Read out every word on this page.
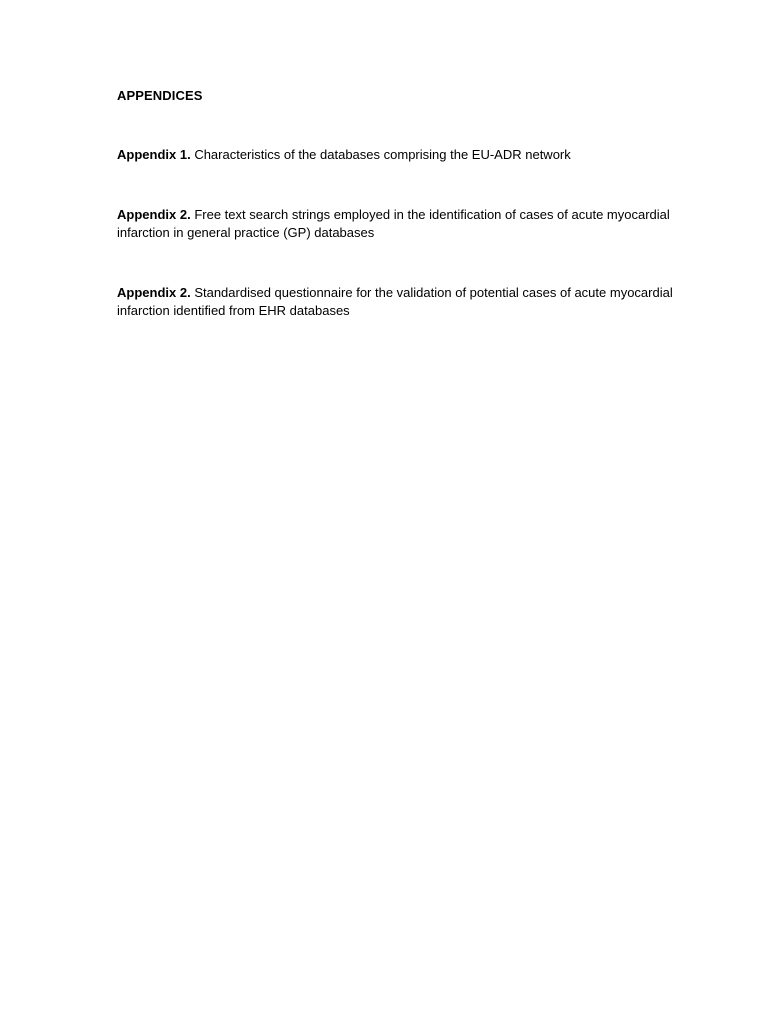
APPENDICES

Appendix 1. Characteristics of the databases comprising the EU-ADR network

Appendix 2. Free text search strings employed in the identification of cases of acute myocardial infarction in general practice (GP) databases

Appendix 2. Standardised questionnaire for the validation of potential cases of acute myocardial infarction identified from EHR databases
